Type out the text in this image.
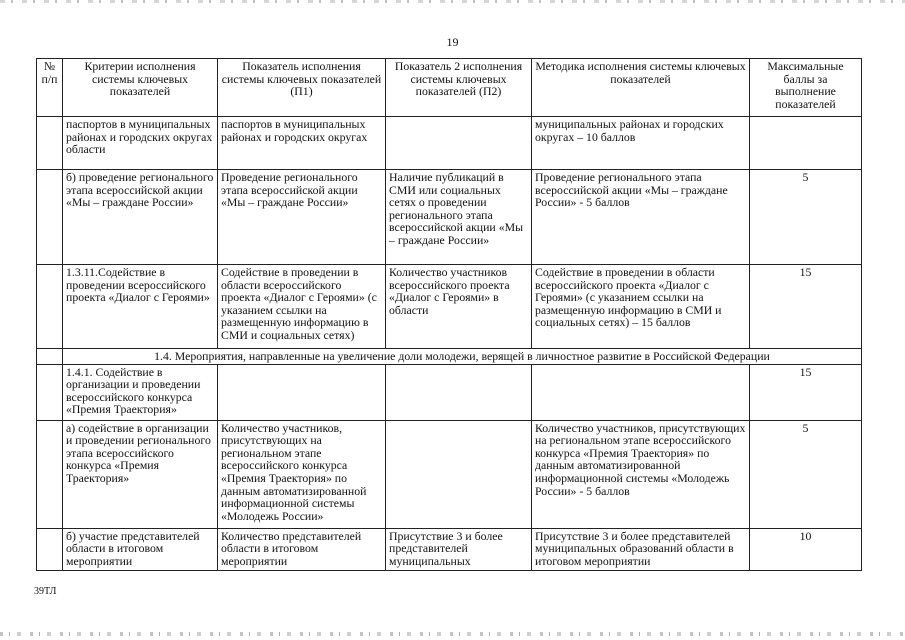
19
№ п/п	Критерии исполнения системы ключевых показателей	Показатель исполнения системы ключевых показателей (П1)	Показатель 2 исполнения системы ключевых показателей (П2)	Методика исполнения системы ключевых показателей	Максимальные баллы за выполнение показателей
	паспортов в муниципальных районах и городских округах области	паспортов в муниципальных районах и городских округах		муниципальных районах и городских округах – 10 баллов	
	б) проведение регионального этапа всероссийской акции «Мы – граждане России»	Проведение регионального этапа всероссийской акции «Мы – граждане России»	Наличие публикаций в СМИ или социальных сетях о проведении регионального этапа всероссийской акции «Мы – граждане России»	Проведение регионального этапа всероссийской акции «Мы – граждане России» - 5 баллов	5
	1.3.11.Содействие в проведении всероссийского проекта «Диалог с Героями»	Содействие в проведении в области всероссийского проекта «Диалог с Героями» (с указанием ссылки на размещенную информацию в СМИ и социальных сетях)	Количество участников всероссийского проекта «Диалог с Героями» в области	Содействие в проведении в области всероссийского проекта «Диалог с Героями» (с указанием ссылки на размещенную информацию в СМИ и социальных сетях) – 15 баллов	15
	1.4. Мероприятия, направленные на увеличение доли молодежи, верящей в личностное развитие в Российской Федерации				
	1.4.1. Содействие в организации и проведении всероссийского конкурса «Премия Траектория»				15
	а) содействие в организации и проведении регионального этапа всероссийского конкурса «Премия Траектория»	Количество участников, присутствующих на региональном этапе всероссийского конкурса «Премия Траектория» по данным автоматизированной информационной системы «Молодежь России»		Количество участников, присутствующих на региональном этапе всероссийского конкурса «Премия Траектория» по данным автоматизированной информационной системы «Молодежь России» - 5 баллов	5
	б) участие представителей области в итоговом мероприятии	Количество представителей области в итоговом мероприятии	Присутствие 3 и более представителей муниципальных	Присутствие 3 и более представителей муниципальных образований области в итоговом мероприятии	10
39ТЛ
